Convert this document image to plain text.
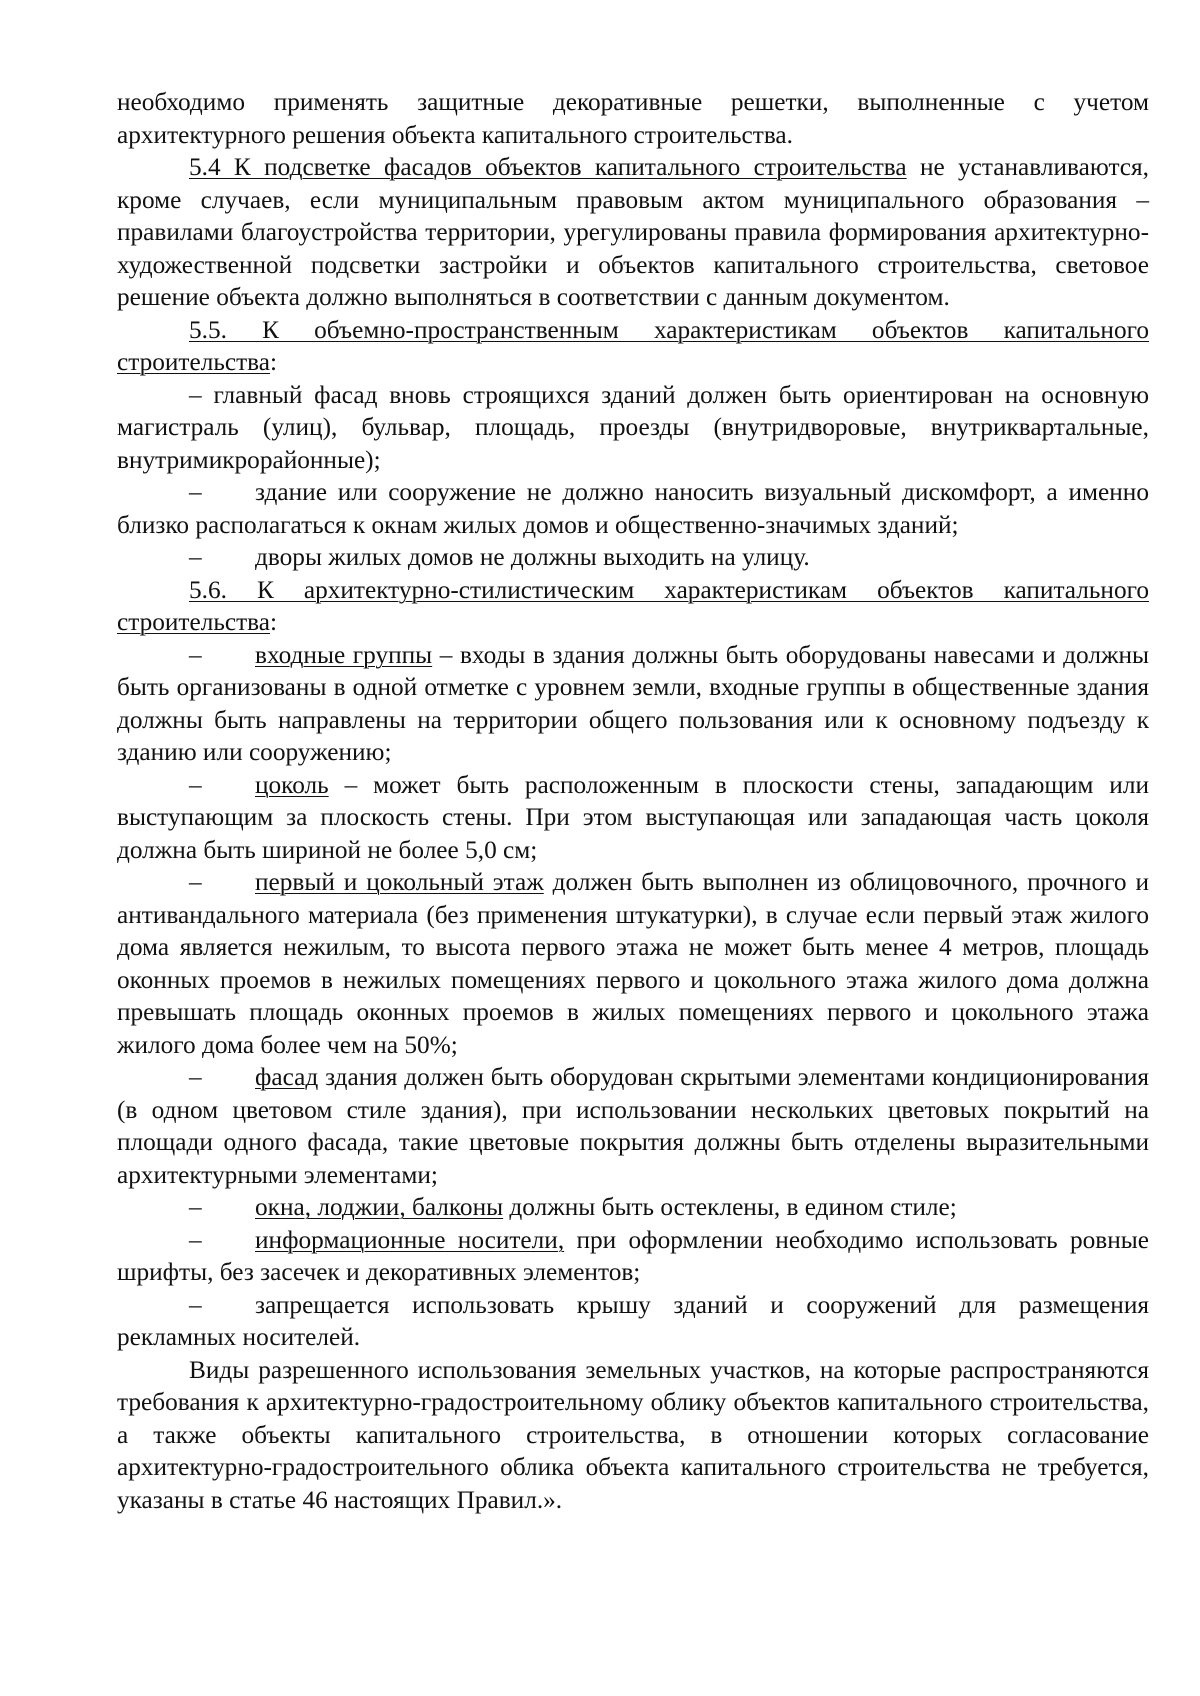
необходимо применять защитные декоративные решетки, выполненные с учетом архитектурного решения объекта капитального строительства.

5.4 К подсветке фасадов объектов капитального строительства не устанавливаются, кроме случаев, если муниципальным правовым актом муниципального образования – правилами благоустройства территории, урегулированы правила формирования архитектурно-художественной подсветки застройки и объектов капитального строительства, световое решение объекта должно выполняться в соответствии с данным документом.

5.5. К объемно-пространственным характеристикам объектов капитального строительства:

– главный фасад вновь строящихся зданий должен быть ориентирован на основную магистраль (улиц), бульвар, площадь, проезды (внутридворовые, внутриквартальные, внутримикрорайонные);

– здание или сооружение не должно наносить визуальный дискомфорт, а именно близко располагаться к окнам жилых домов и общественно-значимых зданий;

– дворы жилых домов не должны выходить на улицу.

5.6. К архитектурно-стилистическим характеристикам объектов капитального строительства:

– входные группы – входы в здания должны быть оборудованы навесами и должны быть организованы в одной отметке с уровнем земли, входные группы в общественные здания должны быть направлены на территории общего пользования или к основному подъезду к зданию или сооружению;

– цоколь – может быть расположенным в плоскости стены, западающим или выступающим за плоскость стены. При этом выступающая или западающая часть цоколя должна быть шириной не более 5,0 см;

– первый и цокольный этаж должен быть выполнен из облицовочного, прочного и антивандального материала (без применения штукатурки), в случае если первый этаж жилого дома является нежилым, то высота первого этажа не может быть менее 4 метров, площадь оконных проемов в нежилых помещениях первого и цокольного этажа жилого дома должна превышать площадь оконных проемов в жилых помещениях первого и цокольного этажа жилого дома более чем на 50%;

– фасад здания должен быть оборудован скрытыми элементами кондиционирования (в одном цветовом стиле здания), при использовании нескольких цветовых покрытий на площади одного фасада, такие цветовые покрытия должны быть отделены выразительными архитектурными элементами;

– окна, лоджии, балконы должны быть остеклены, в едином стиле;

– информационные носители, при оформлении необходимо использовать ровные шрифты, без засечек и декоративных элементов;

– запрещается использовать крышу зданий и сооружений для размещения рекламных носителей.

Виды разрешенного использования земельных участков, на которые распространяются требования к архитектурно-градостроительному облику объектов капитального строительства, а также объекты капитального строительства, в отношении которых согласование архитектурно-градостроительного облика объекта капитального строительства не требуется, указаны в статье 46 настоящих Правил.».
